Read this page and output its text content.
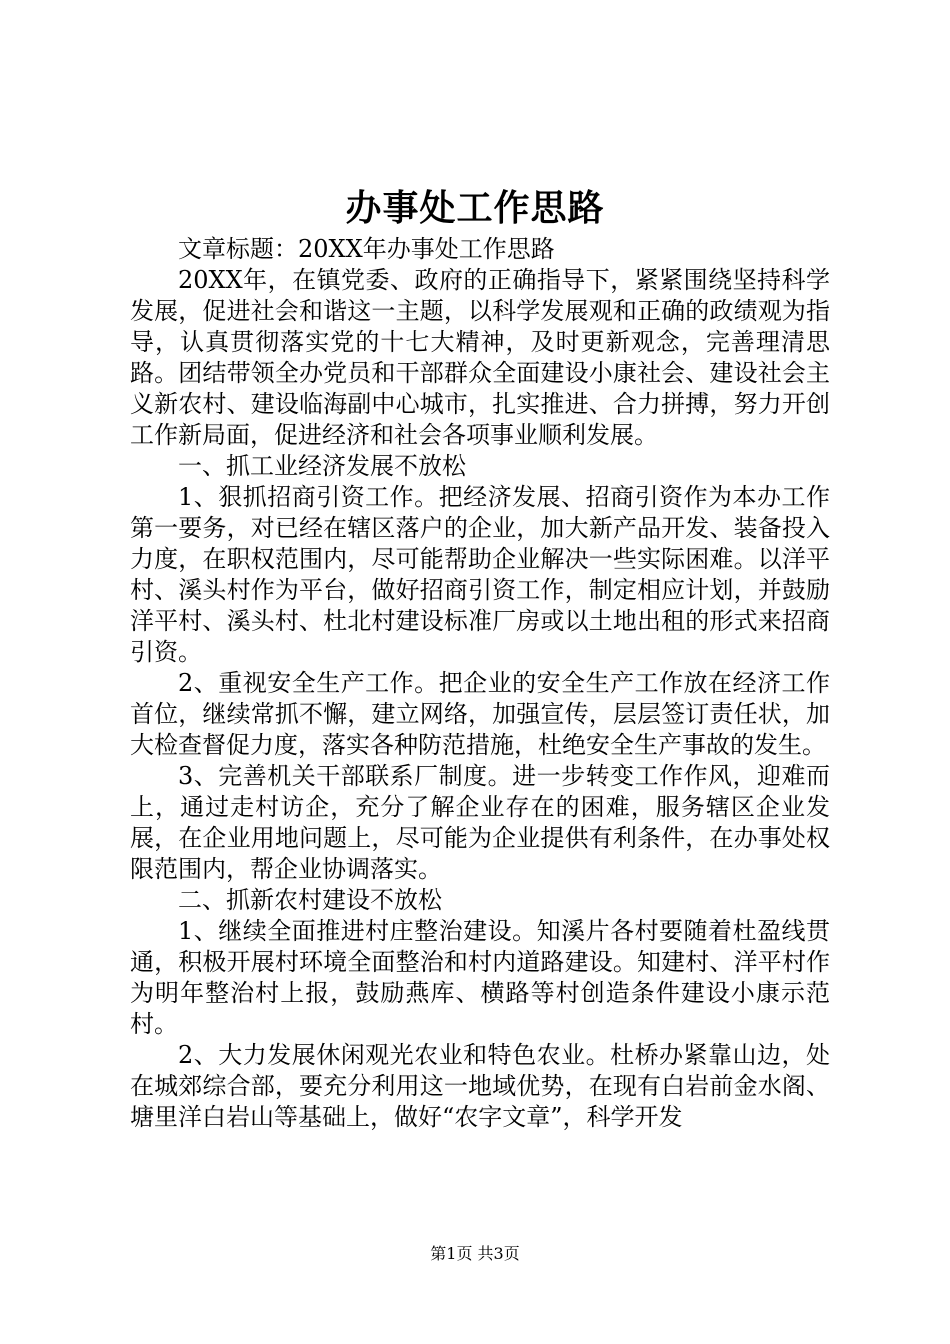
办事处工作思路

文章标题：20XX年办事处工作思路

20XX年，在镇党委、政府的正确指导下，紧紧围绕坚持科学发展，促进社会和谐这一主题，以科学发展观和正确的政绩观为指导，认真贯彻落实党的十七大精神，及时更新观念，完善理清思路。团结带领全办党员和干部群众全面建设小康社会、建设社会主义新农村、建设临海副中心城市，扎实推进、合力拼搏，努力开创工作新局面，促进经济和社会各项事业顺利发展。

一、抓工业经济发展不放松

1、狠抓招商引资工作。把经济发展、招商引资作为本办工作第一要务，对已经在辖区落户的企业，加大新产品开发、装备投入力度，在职权范围内，尽可能帮助企业解决一些实际困难。以洋平村、溪头村作为平台，做好招商引资工作，制定相应计划，并鼓励洋平村、溪头村、杜北村建设标准厂房或以土地出租的形式来招商引资。

2、重视安全生产工作。把企业的安全生产工作放在经济工作首位，继续常抓不懈，建立网络，加强宣传，层层签订责任状，加大检查督促力度，落实各种防范措施，杜绝安全生产事故的发生。

3、完善机关干部联系厂制度。进一步转变工作作风，迎难而上，通过走村访企，充分了解企业存在的困难，服务辖区企业发展，在企业用地问题上，尽可能为企业提供有利条件，在办事处权限范围内，帮企业协调落实。

二、抓新农村建设不放松

1、继续全面推进村庄整治建设。知溪片各村要随着杜盈线贯通，积极开展村环境全面整治和村内道路建设。知建村、洋平村作为明年整治村上报，鼓励燕库、横路等村创造条件建设小康示范村。

2、大力发展休闲观光农业和特色农业。杜桥办紧靠山边，处在城郊综合部，要充分利用这一地域优势，在现有白岩前金水阁、塘里洋白岩山等基础上，做好“农字文章”，科学开发

第1页 共3页
